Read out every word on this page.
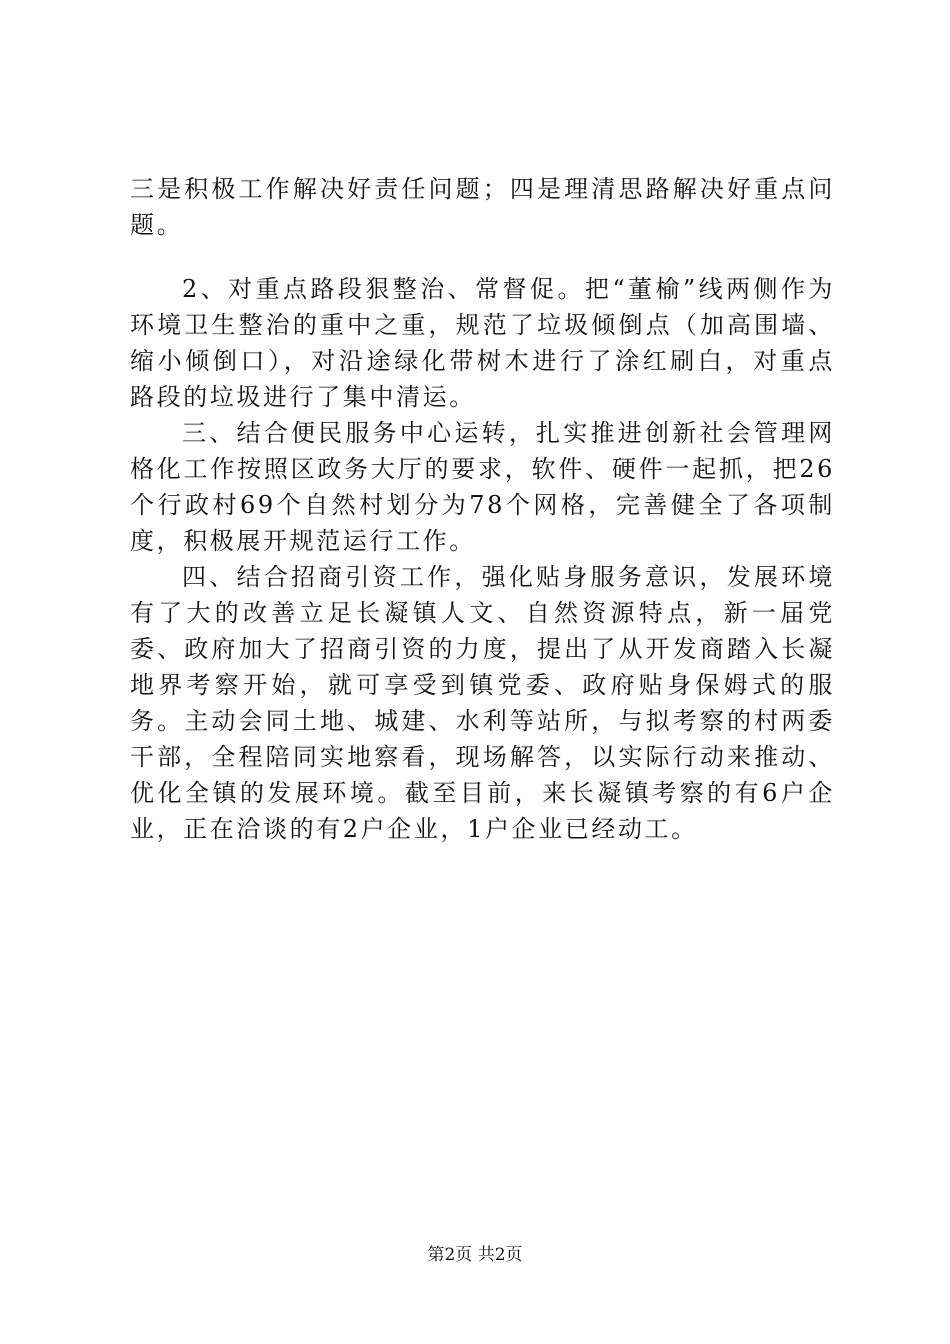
三是积极工作解决好责任问题；四是理清思路解决好重点问题。

2、对重点路段狠整治、常督促。把“董榆”线两侧作为环境卫生整治的重中之重，规范了垃圾倾倒点（加高围墙、缩小倾倒口），对沿途绿化带树木进行了涂红刷白，对重点路段的垃圾进行了集中清运。

三、结合便民服务中心运转，扎实推进创新社会管理网格化工作按照区政务大厅的要求，软件、硬件一起抓，把26个行政村69个自然村划分为78个网格，完善健全了各项制度，积极展开规范运行工作。

四、结合招商引资工作，强化贴身服务意识，发展环境有了大的改善立足长凝镇人文、自然资源特点，新一届党委、政府加大了招商引资的力度，提出了从开发商踏入长凝地界考察开始，就可享受到镇党委、政府贴身保姆式的服务。主动会同土地、城建、水利等站所，与拟考察的村两委干部，全程陪同实地察看，现场解答，以实际行动来推动、优化全镇的发展环境。截至目前，来长凝镇考察的有6户企业，正在洽谈的有2户企业，1户企业已经动工。

第2页 共2页
